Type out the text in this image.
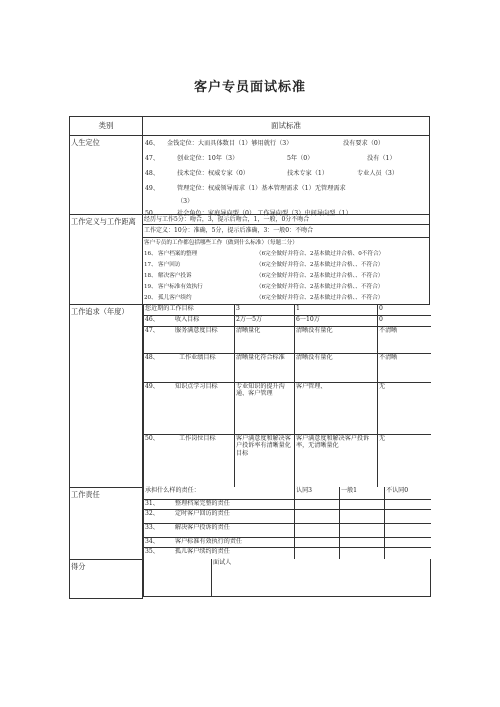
客户专员面试标准
类别	面试标准
人生定位	46、 金钱定位：大而具体数目（1）够用就行（3）	没有要求（0）
47、	创业定位：10年（3）	5年（0）	没有（1）
48、	技术定位：权威专家（0）	技术专家（1）	专业人员（3）
49、	管理定位：权威领导需求（1）基本管理需求（1）无管理需求
（3）
50、	社会角色：家庭导向型（0） 工作导向型（3）中间导向型（1）

工作定义与工作距离	经历与工作5分：吻合，3，提示后吻合，1，一般，0分不吻合
工作定义：10分：准确，5分，提示后准确，3：一般0：不吻合
客户专员的工作都包括哪些工作（做到什么标准）（每题二分）
16、客户档案的整理	（6完全做好并符合、2基本做过并合格、0不符合）
17、客户回访	（6完全做好并符合、2基本做过并合格、、不符合）
18、解决客户投诉	（6完全做好并符合、2基本做过并合格、、不符合）
19、客户标准有效执行	（6完全做好并符合、2基本做过并合格、、不符合）
20、孤儿客户续约	（6完全做好并符合、2基本做过并合格、、不符合）

工作追求（年度）		您近期的工作目标	3	1	0
46、	收入目标	2万一5万	6一10万	0
47、	服务满意度目标	清晰量化	清晰没有量化	不清晰
48、	工作业绩目标	清晰量化符合标准	清晰没有量化	不清晰
49、	知识点学习目标	专业知识的提升沟通、客户管理	客户管理、	无
50、	工作岗位目标	客户满意度和解决客户投诉率有清晰量化目标	客户满意度和解决客户投诉率，无清晰量化	无

工作责任		承担什么样的责任：	认同3	一般1	不认同0
31、	整理档案完整的责任			
32、	定时客户回访的责任			
33、	解决客户投诉的责任			
34、	客户标准有效执行的责任			
35、	孤儿客户续约的责任			

得分	
		面试人
